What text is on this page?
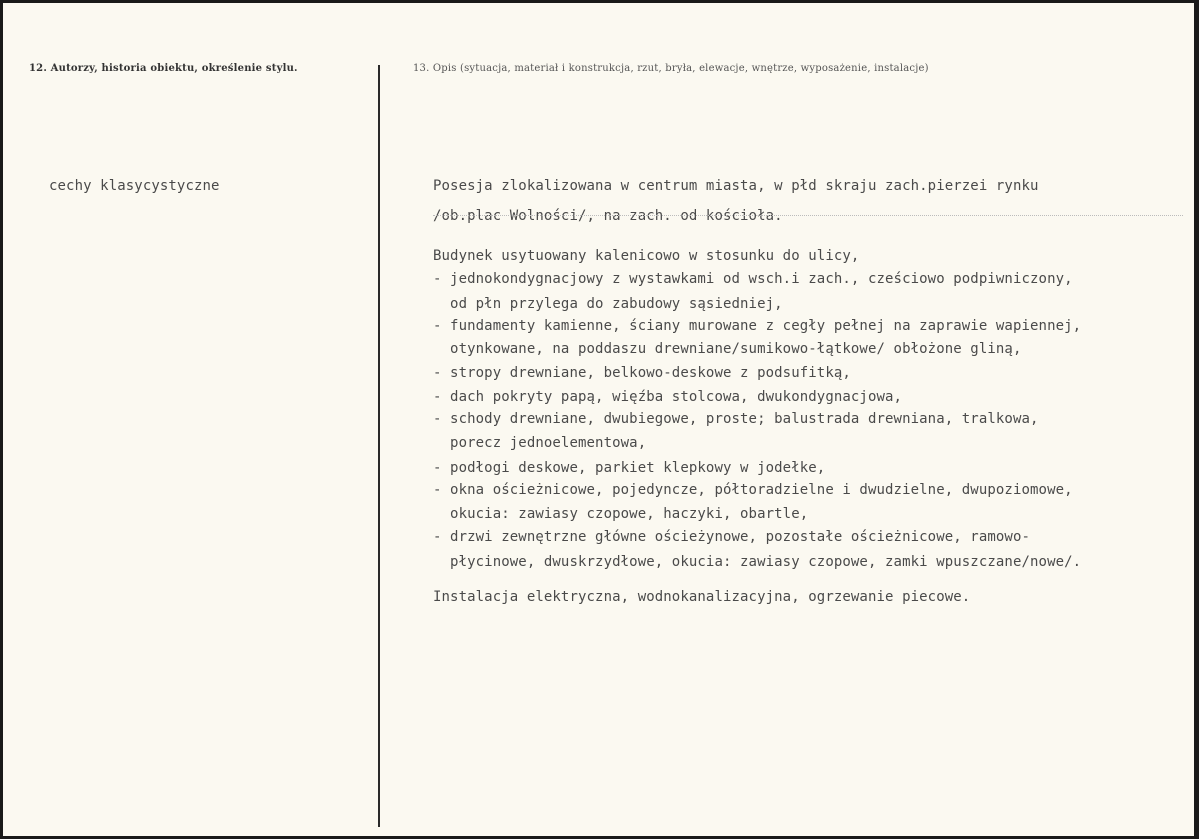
12. Autorzy, historia obiektu, określenie stylu.	13. Opis (sytuacja, materiał i konstrukcja, rzut, bryła, elewacje, wnętrze, wyposażenie, instalacje)
cechy klasycystyczne	Posesja zlokalizowana w centrum miasta, w płd skraju zach.pierzei rynku
/ob.plac Wolności/, na zach. od kościoła.
Budynek usytuowany kalenicowo w stosunku do ulicy,
- jednokondygnacjowy z wystawkami od wsch.i zach., cześciowo podpiwniczony,
od płn przylega do zabudowy sąsiedniej,
- fundamenty kamienne, ściany murowane z cegły pełnej na zaprawie wapiennej,
otynkowane, na poddaszu drewniane/sumikowo-łątkowe/ obłożone gliną,
- stropy drewniane, belkowo-deskowe z podsufitką,
- dach pokryty papą, więźba stolcowa, dwukondygnacjowa,
- schody drewniane, dwubiegowe, proste; balustrada drewniana, tralkowa,
porecz jednoelementowa,
- podłogi deskowe, parkiet klepkowy w jodełke,
- okna ościeżnicowe, pojedyncze, półtoradzielne i dwudzielne, dwupoziomowe,
okucia: zawiasy czopowe, haczyki, obartle,
- drzwi zewnętrzne główne ościeżynowe, pozostałe ościeżnicowe, ramowo-
płycinowe, dwuskrzydłowe, okucia: zawiasy czopowe, zamki wpuszczane/nowe/.
Instalacja elektryczna, wodnokanalizacyjna, ogrzewanie piecowe.
